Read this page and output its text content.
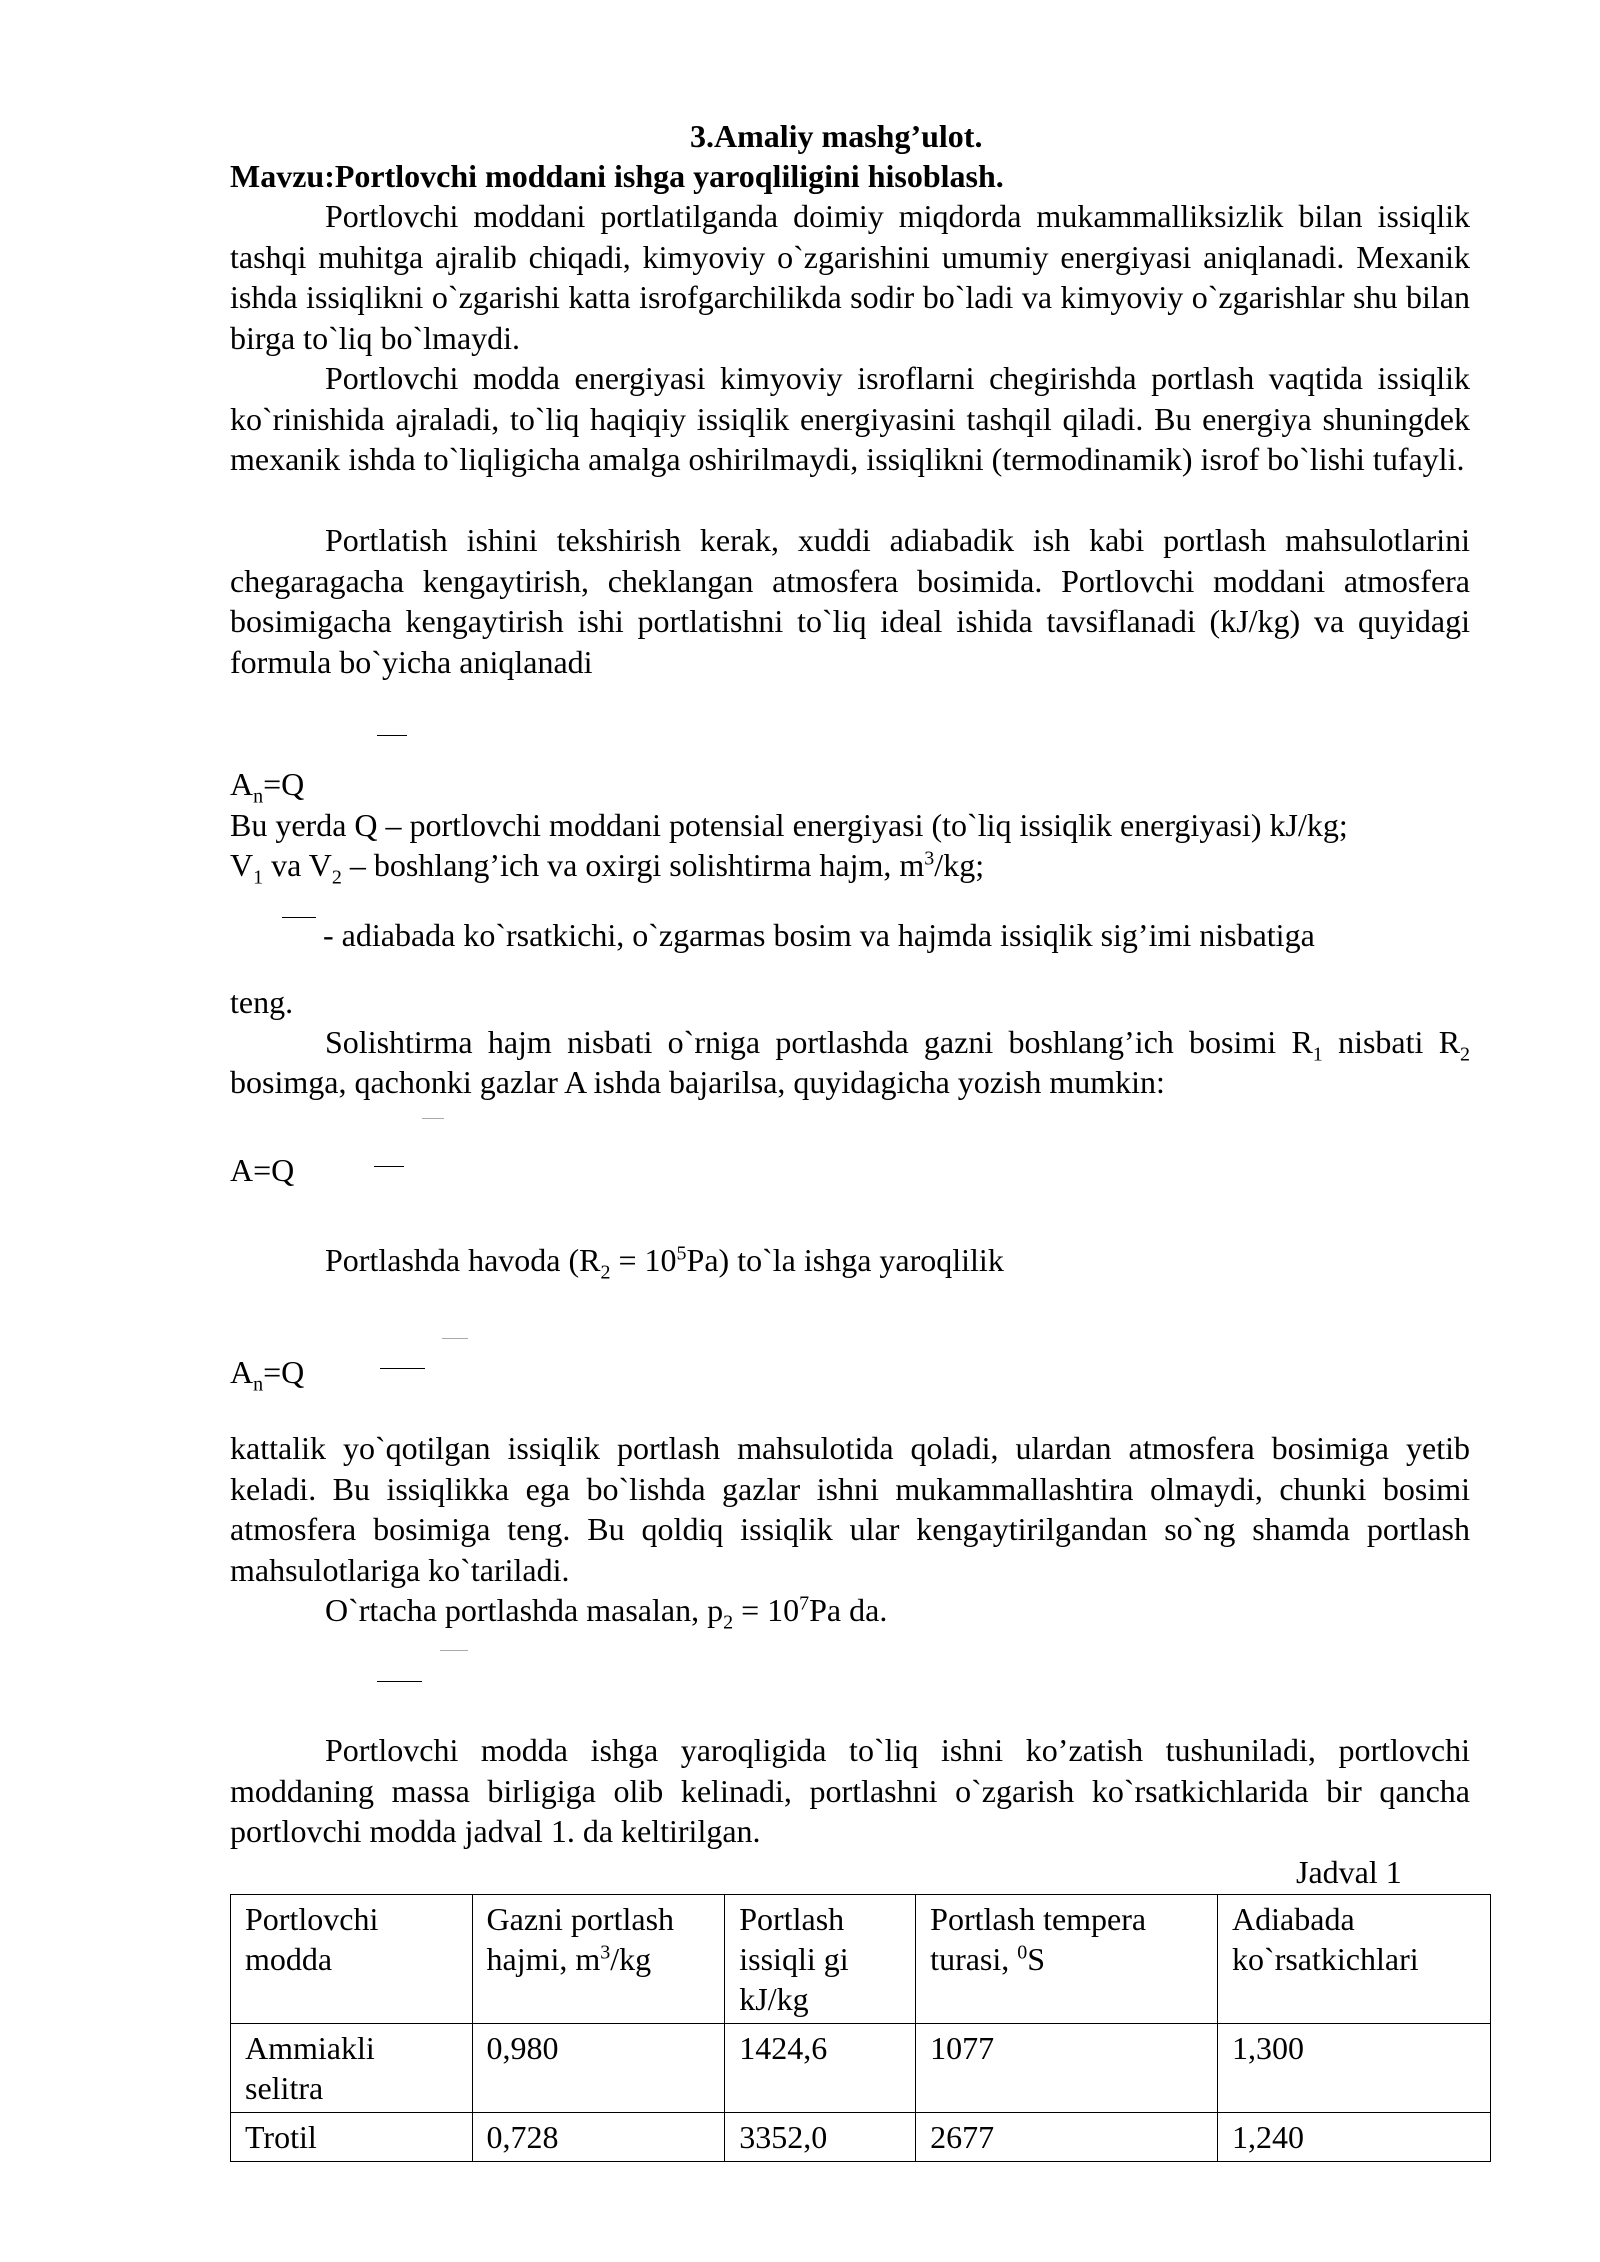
3.Amaliy mashg’ulot.
Mavzu:Portlovchi moddani ishga yaroqliligini hisoblash.
Portlovchi moddani portlatilganda doimiy miqdorda mukammalliksizlik bilan issiqlik tashqi muhitga ajralib chiqadi, kimyoviy o`zgarishini umumiy energiyasi aniqlanadi. Mexanik ishda issiqlikni o`zgarishi katta isrofgarchilikda sodir bo`ladi va kimyoviy o`zgarishlar shu bilan birga to`liq bo`lmaydi.
Portlovchi modda energiyasi kimyoviy isroflarni chegirishda portlash vaqtida issiqlik ko`rinishida ajraladi, to`liq haqiqiy issiqlik energiyasini tashqil qiladi. Bu energiya shuningdek mexanik ishda to`liqligicha amalga oshirilmaydi, issiqlikni (termodinamik) isrof bo`lishi tufayli.
Portlatish ishini tekshirish kerak, xuddi adiabadik ish kabi portlash mahsulotlarini chegaragacha kengaytirish, cheklangan atmosfera bosimida. Portlovchi moddani atmosfera bosimigacha kengaytirish ishi portlatishni to`liq ideal ishida tavsiflanadi (kJ/kg) va quyidagi formula bo`yicha aniqlanadi
$A_n=Q$
Bu yerda Q – portlovchi moddani potensial energiyasi (to`liq issiqlik energiyasi) kJ/kg;
$V_1$ va $V_2$ – boshlang’ich va oxirgi solishtirma hajm, $m^3/kg$;
- adiabada ko`rsatkichi, o`zgarmas bosim va hajmda issiqlik sig’imi nisbatiga
teng.
Solishtirma hajm nisbati o`rniga portlashda gazni boshlang’ich bosimi $R_1$ nisbati $R_2$ bosimga, qachonki gazlar A ishda bajarilsa, quyidagicha yozish mumkin:
A=Q
Portlashda havoda $(R_2 = 10^5Pa)$ to`la ishga yaroqlilik
$A_n=Q$
kattalik yo`qotilgan issiqlik portlash mahsulotida qoladi, ulardan atmosfera bosimiga yetib keladi. Bu issiqlikka ega bo`lishda gazlar ishni mukammallashtira olmaydi, chunki bosimi atmosfera bosimiga teng. Bu qoldiq issiqlik ular kengaytirilgandan so`ng shamda portlash mahsulotlariga ko`tariladi.
O`rtacha portlashda masalan, $p_2 = 10^7Pa$ da.
Portlovchi modda ishga yaroqligida to`liq ishni ko’zatish tushuniladi, portlovchi moddaning massa birligiga olib kelinadi, portlashni o`zgarish ko`rsatkichlarida bir qancha portlovchi modda jadval 1. da keltirilgan.
Jadval 1
Portlovchi modda	Gazni portlash hajmi, $m^3/kg$	Portlash issiqli gi kJ/kg	Portlash tempera turasi, $^0$S	Adiabada ko`rsatkichlari
Ammiakli selitra	0,980	1424,6	1077	1,300
Trotil	0,728	3352,0	2677	1,240
